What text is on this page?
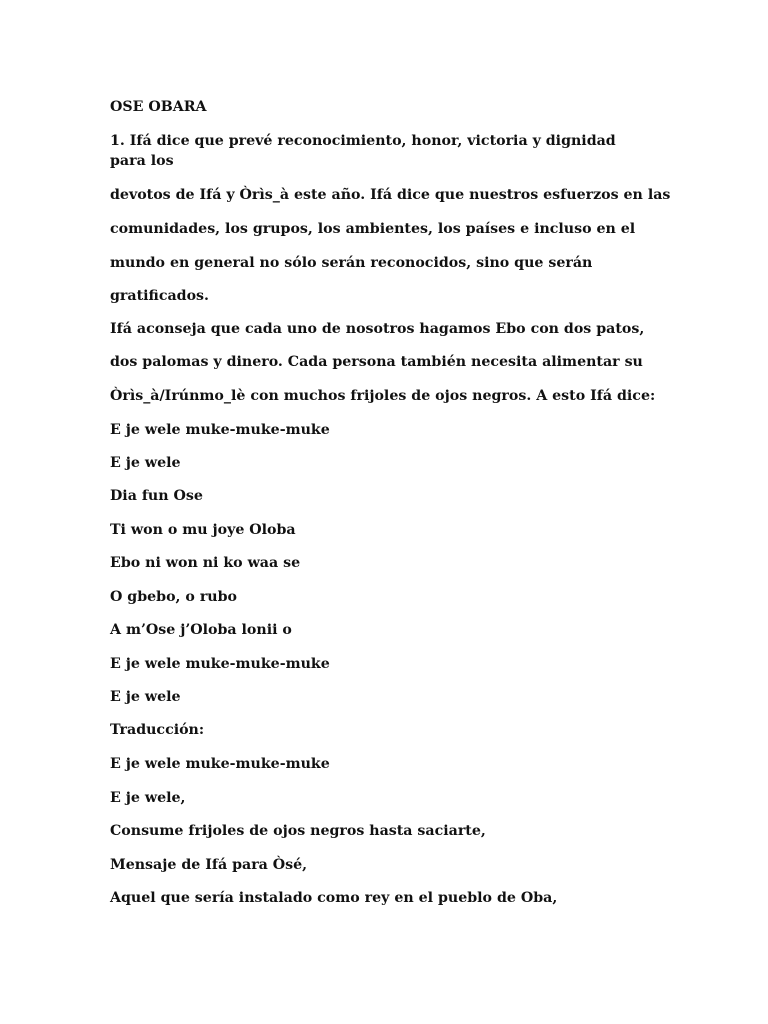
OSE OBARA

1. Ifá dice que prevé reconocimiento, honor, victoria y dignidad para los

devotos de Ifá y Òrìs_à este año. Ifá dice que nuestros esfuerzos en las

comunidades, los grupos, los ambientes, los países e incluso en el

mundo en general no sólo serán reconocidos, sino que serán

gratificados.

Ifá aconseja que cada uno de nosotros hagamos Ebo con dos patos,

dos palomas y dinero. Cada persona también necesita alimentar su

Òrìs_à/Irúnmo_lè con muchos frijoles de ojos negros. A esto Ifá dice:

E je wele muke-muke-muke

E je wele

Dia fun Ose

Ti won o mu joye Oloba

Ebo ni won ni ko waa se

O gbebo, o rubo

A m’Ose j’Oloba lonii o

E je wele muke-muke-muke

E je wele

Traducción:

E je wele muke-muke-muke

E je wele,

Consume frijoles de ojos negros hasta saciarte,

Mensaje de Ifá para Òsé,

Aquel que sería instalado como rey en el pueblo de Oba,
